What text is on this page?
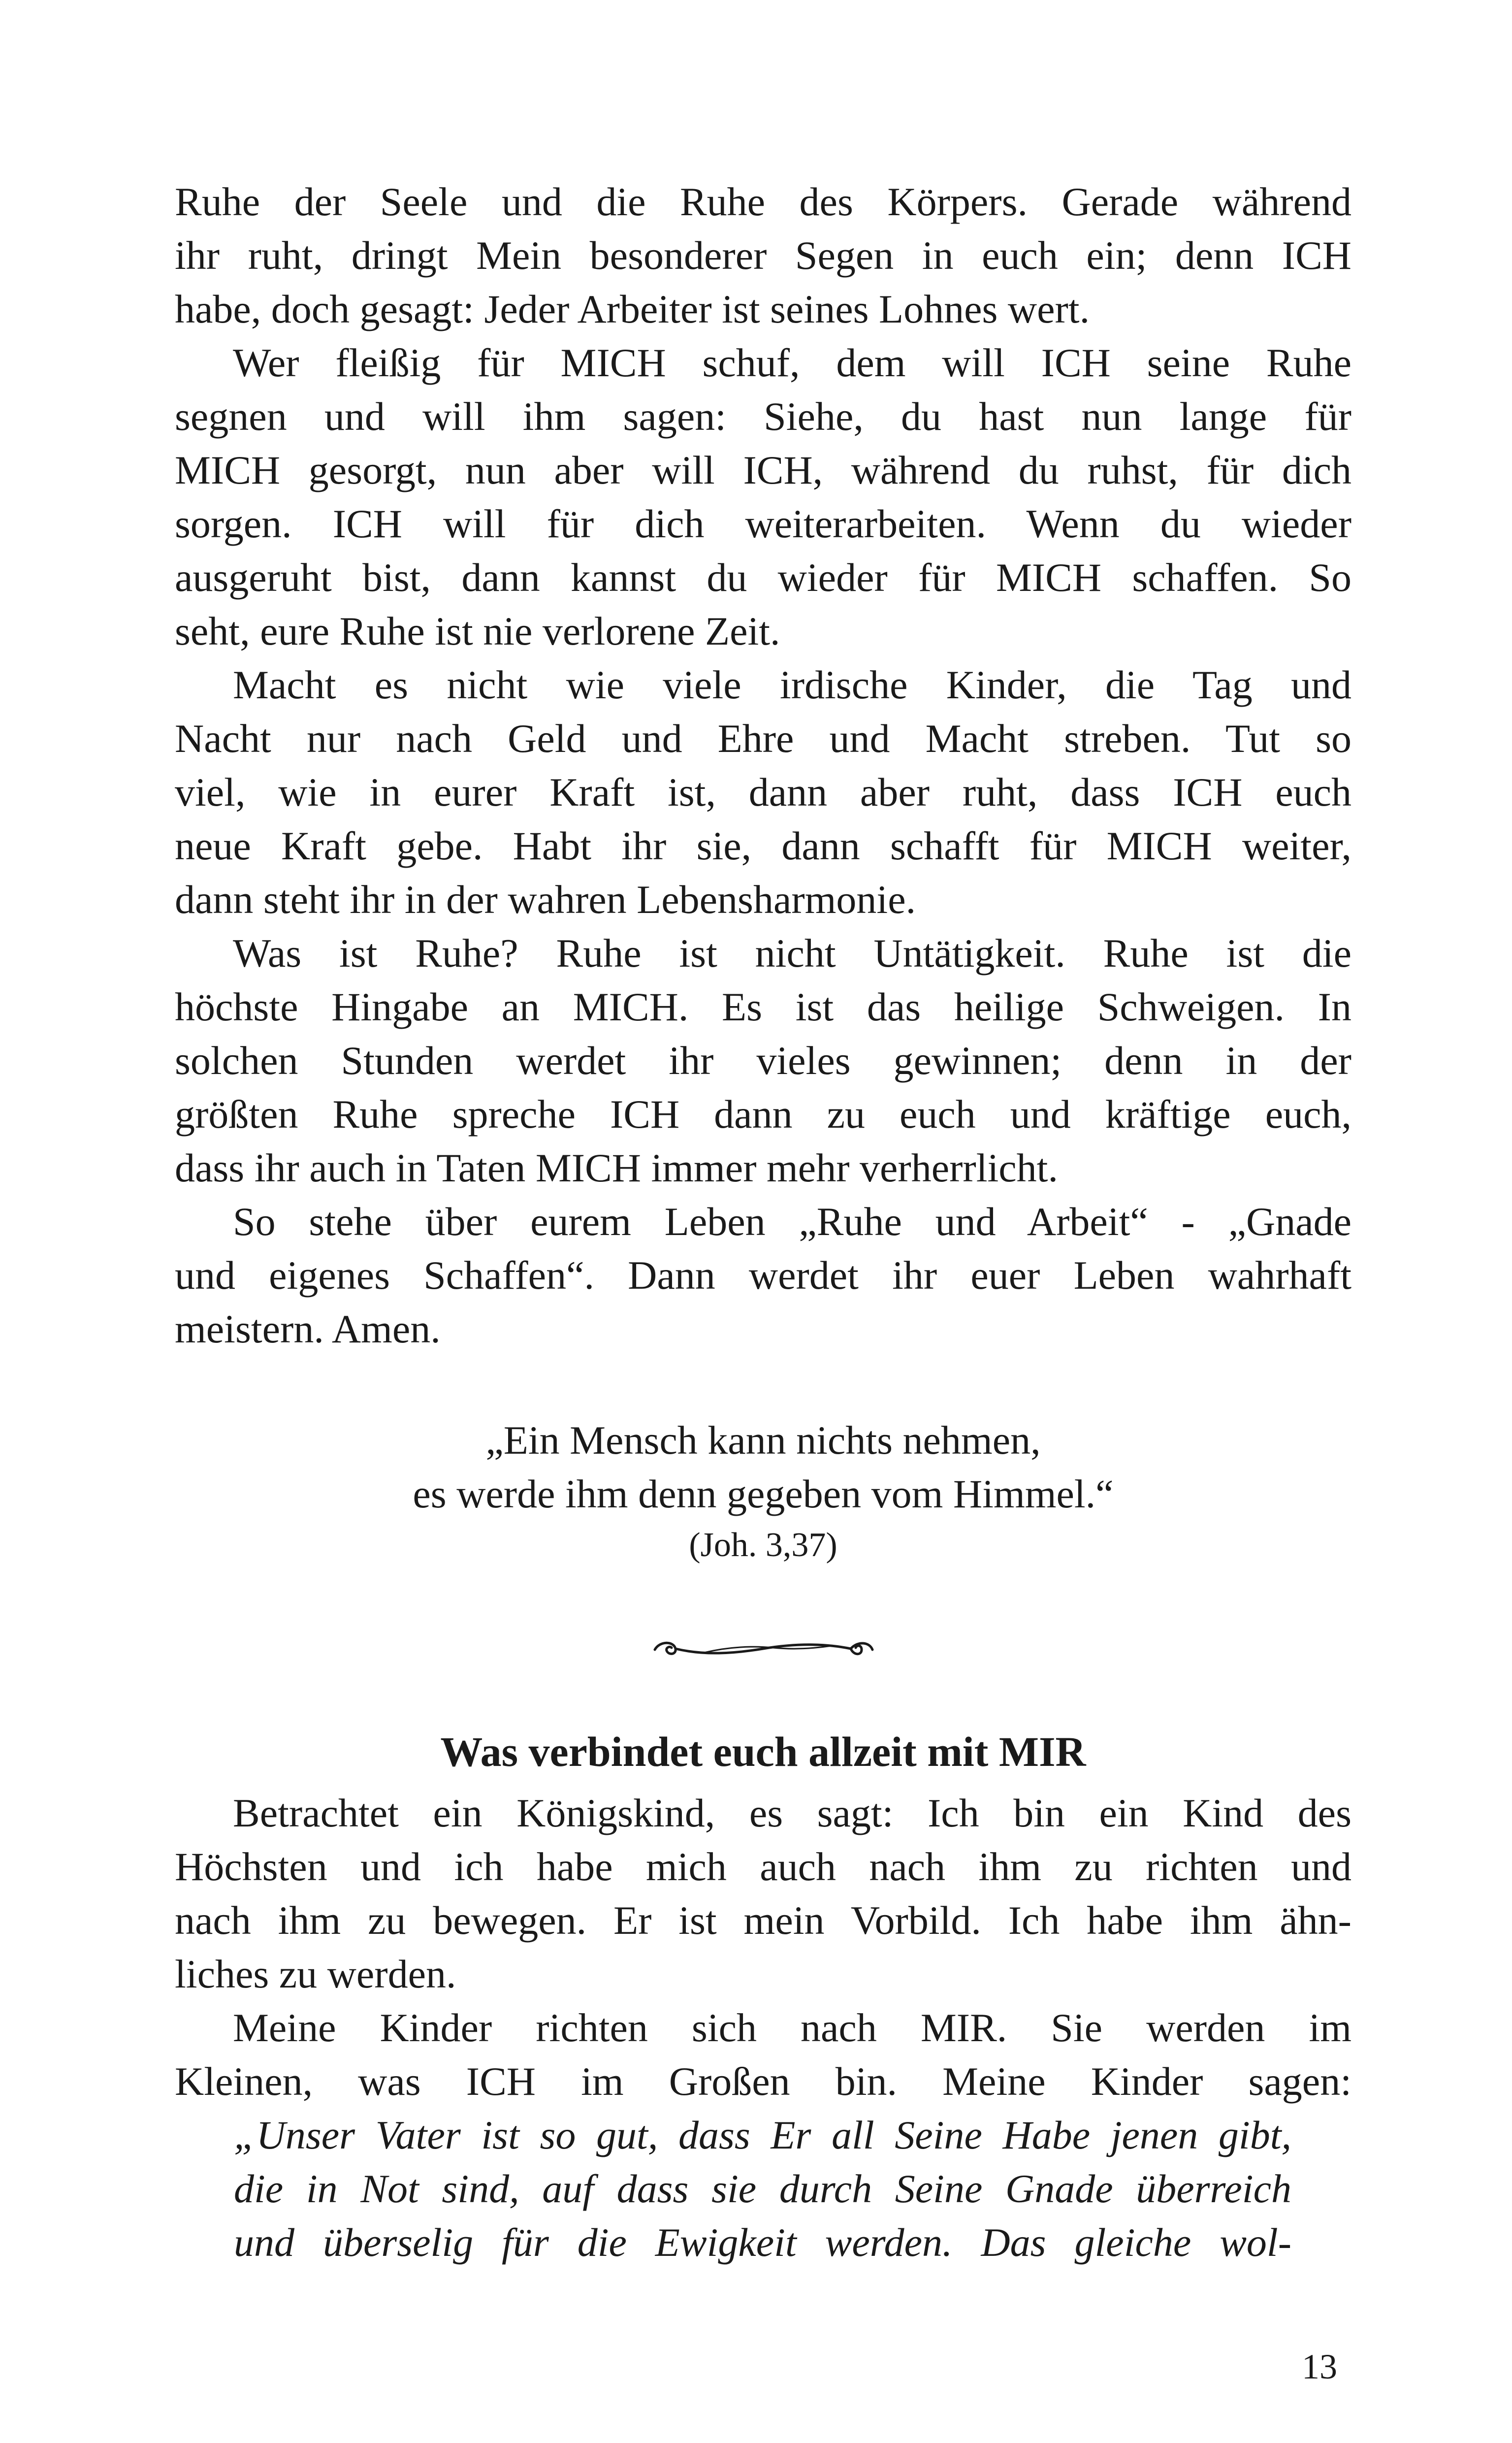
Ruhe der Seele und die Ruhe des Körpers. Gerade während
ihr ruht, dringt Mein besonderer Segen in euch ein; denn ICH
habe, doch gesagt: Jeder Arbeiter ist seines Lohnes wert.

Wer fleißig für MICH schuf, dem will ICH seine Ruhe
segnen und will ihm sagen: Siehe, du hast nun lange für
MICH gesorgt, nun aber will ICH, während du ruhst, für dich
sorgen. ICH will für dich weiterarbeiten. Wenn du wieder
ausgeruht bist, dann kannst du wieder für MICH schaffen. So
seht, eure Ruhe ist nie verlorene Zeit.

Macht es nicht wie viele irdische Kinder, die Tag und
Nacht nur nach Geld und Ehre und Macht streben. Tut so
viel, wie in eurer Kraft ist, dann aber ruht, dass ICH euch
neue Kraft gebe. Habt ihr sie, dann schafft für MICH weiter,
dann steht ihr in der wahren Lebensharmonie.

Was ist Ruhe? Ruhe ist nicht Untätigkeit. Ruhe ist die
höchste Hingabe an MICH. Es ist das heilige Schweigen. In
solchen Stunden werdet ihr vieles gewinnen; denn in der
größten Ruhe spreche ICH dann zu euch und kräftige euch,
dass ihr auch in Taten MICH immer mehr verherrlicht.

So stehe über eurem Leben „Ruhe und Arbeit“ - „Gnade
und eigenes Schaffen“. Dann werdet ihr euer Leben wahrhaft
meistern. Amen.

„Ein Mensch kann nichts nehmen,
es werde ihm denn gegeben vom Himmel.“
(Joh. 3,37)
Was verbindet euch allzeit mit MIR

Betrachtet ein Königskind, es sagt: Ich bin ein Kind des
Höchsten und ich habe mich auch nach ihm zu richten und
nach ihm zu bewegen. Er ist mein Vorbild. Ich habe ihm ähn-
liches zu werden.

Meine Kinder richten sich nach MIR. Sie werden im
Kleinen, was ICH im Großen bin. Meine Kinder sagen:

„Unser Vater ist so gut, dass Er all Seine Habe jenen gibt,
die in Not sind, auf dass sie durch Seine Gnade überreich
und überselig für die Ewigkeit werden. Das gleiche wol-
13
